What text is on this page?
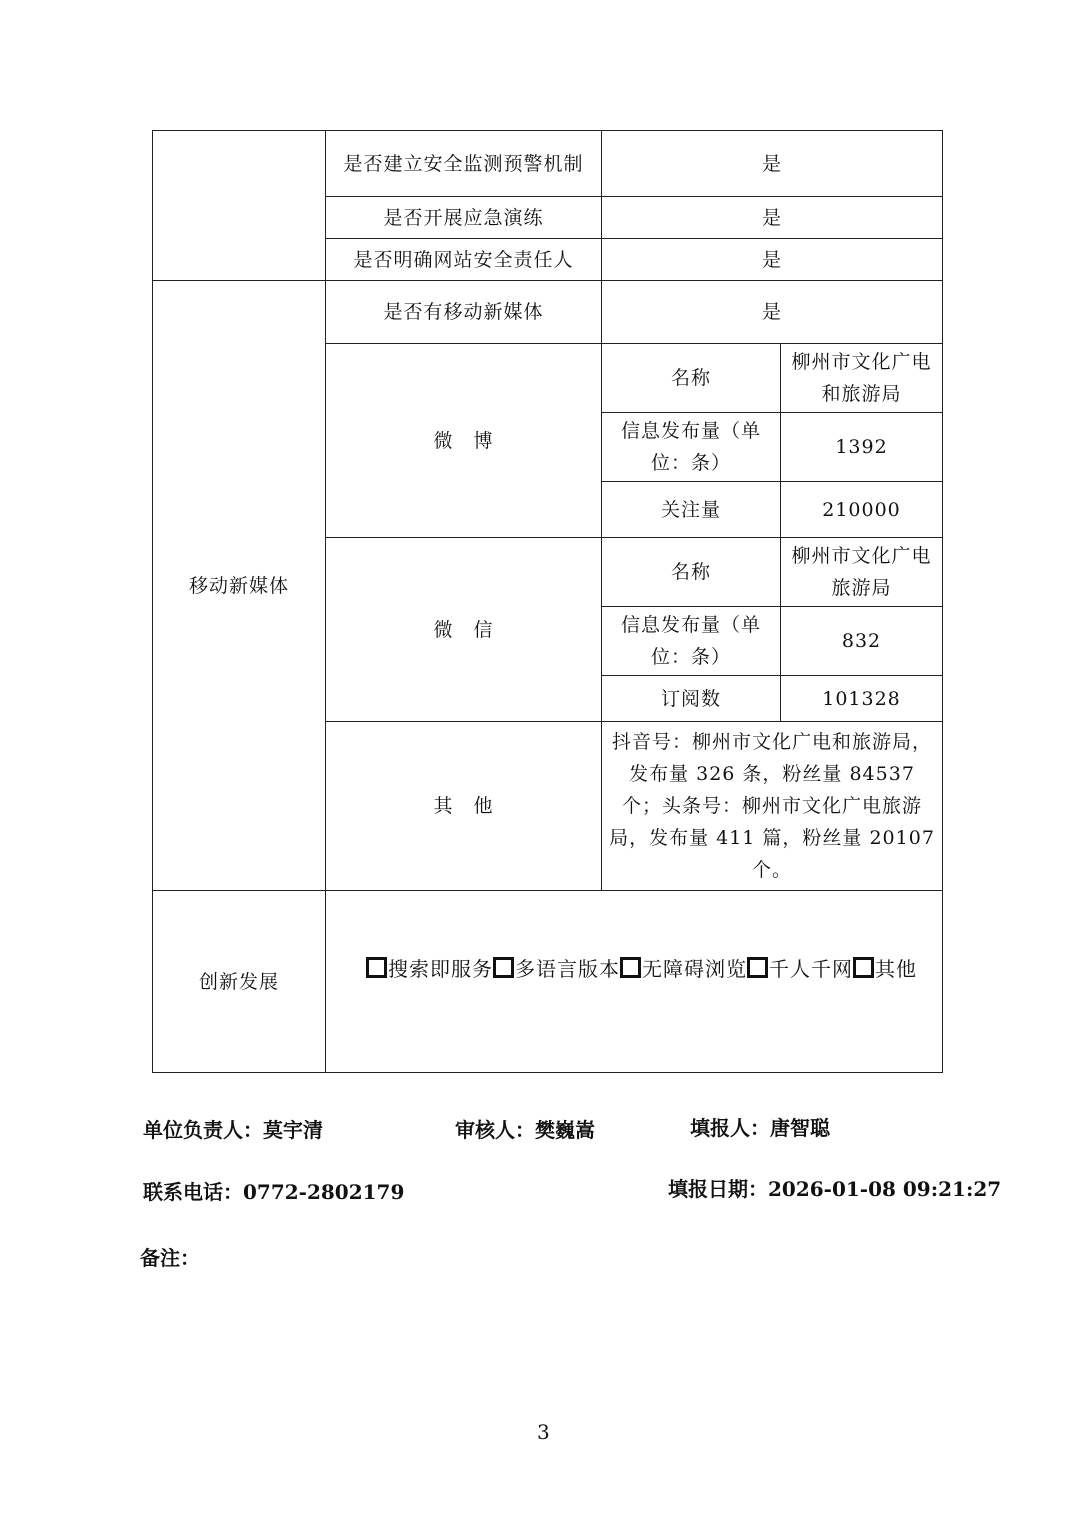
	是否建立安全监测预警机制	是	
	是否开展应急演练	是	
	是否明确网站安全责任人	是	
移动新媒体	是否有移动新媒体	是	
	微　博	名称	柳州市文化广电和旅游局
		信息发布量（单位：条）	1392
		关注量	210000
	微　信	名称	柳州市文化广电旅游局
		信息发布量（单位：条）	832
		订阅数	101328
	其　他	抖音号：柳州市文化广电和旅游局，发布量 326 条，粉丝量 84537 个；头条号：柳州市文化广电旅游局，发布量 411 篇，粉丝量 20107 个。	
创新发展	搜索即服务 多语言版本 无障碍浏览 千人千网 其他		
单位负责人：莫宇清	审核人：樊巍嵩	填报人：唐智聪
联系电话：0772-2802179	填报日期：2026-01-08 09:21:27
备注：
3
